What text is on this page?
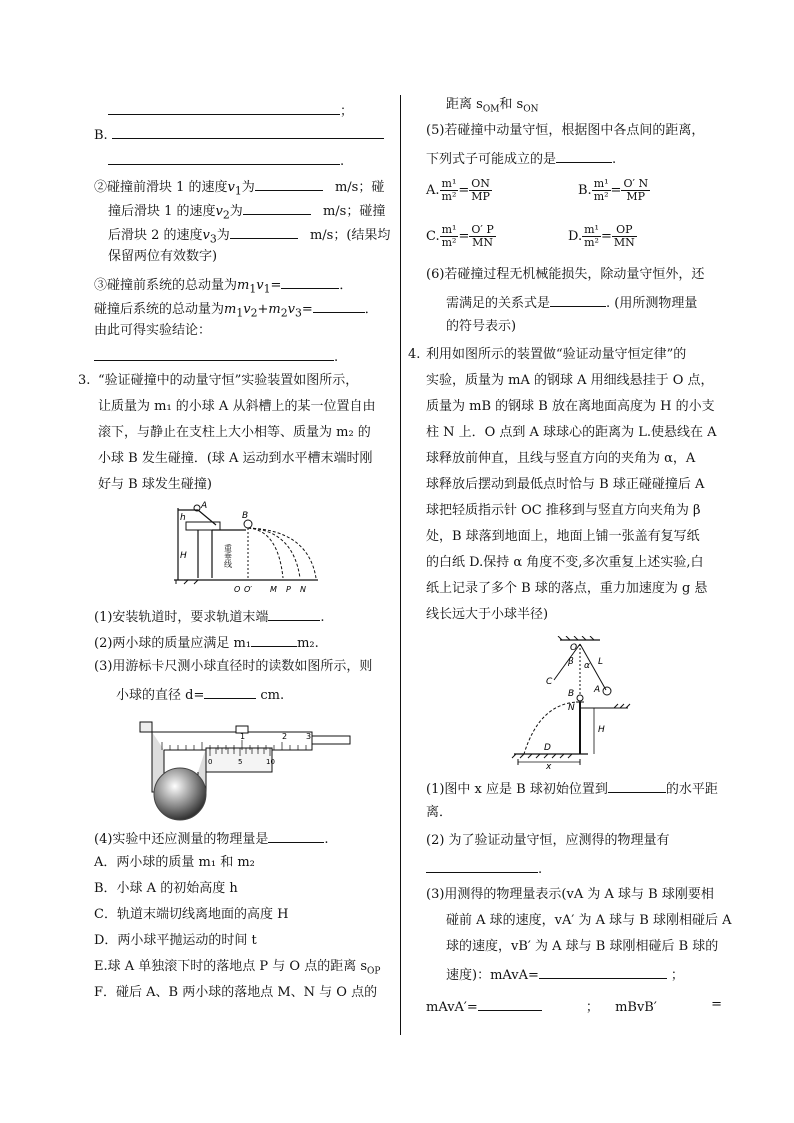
；
B.
.
②碰撞前滑块 1 的速度$v_1$为	m/s；碰
撞后滑块 1 的速度$v_2$为	m/s；碰撞
后滑块 2 的速度$v_3$为	m/s；(结果均
保留两位有效数字)
③碰撞前系统的总动量为$m_1v_1=$	．
碰撞后系统的总动量为$m_1v_2+m_2v_3=$	．
由此可得实验结论：
.
3. “验证碰撞中的动量守恒”实验装置如图所示，
让质量为 m₁ 的小球 A 从斜槽上的某一位置自由
滚下，与静止在支柱上大小相等、质量为 m₂ 的
小球 B 发生碰撞．(球 A 运动到水平槽末端时刚
好与 B 球发生碰撞)
A
h	B
H	重垂线
O O′ M P N
(1)安装轨道时，要求轨道末端	.
(2)两小球的质量应满足 m₁	m₂.
(3)用游标卡尺测小球直径时的读数如图所示，则
小球的直径 d=	cm.
1	2 3
0	5	10
(4)实验中还应测量的物理量是	.
A．两小球的质量 m₁ 和 m₂
B．小球 A 的初始高度 h
C．轨道末端切线离地面的高度 H
D．两小球平抛运动的时间 t
E.球 A 单独滚下时的落地点 P 与 O 点的距离 $s_{OP}$
F．碰后 A、B 两小球的落地点 M、N 与 O 点的
距离 $s_{OM}$和 $s_{ON}$
(5)若碰撞中动量守恒，根据图中各点间的距离，
下列式子可能成立的是	.
A. $\frac{\text{m¹}}{\text{m²}} = \frac{ON}{MP}$	B. $\frac{\text{m¹}}{\text{m²}} = \frac{O' N}{MP}$
C. $\frac{\text{m¹}}{\text{m²}} = \frac{O' P}{MN}$	D. $\frac{\text{m¹}}{\text{m²}} = \frac{OP}{MN}$
(6)若碰撞过程无机械能损失，除动量守恒外，还
需满足的关系式是	. (用所测物理量
的符号表示)
4. 利用如图所示的装置做“验证动量守恒定律”的
实验，质量为 mA 的钢球 A 用细线悬挂于 O 点，
质量为 mB 的钢球 B 放在离地面高度为 H 的小支
柱 N 上．O 点到 A 球球心的距离为 L.使悬线在 A
球释放前伸直，且线与竖直方向的夹角为 α，A
球释放后摆动到最低点时恰与 B 球正碰碰撞后 A
球把轻质指示针 OC 推移到与竖直方向夹角为 β
处，B 球落到地面上，地面上铺一张盖有复写纸
的白纸 D.保持 α 角度不变,多次重复上述实验,白
纸上记录了多个 B 球的落点，重力加速度为 g 悬
线长远大于小球半径)
O
β α L
C
A
B
N
H
D
x
(1)图中 x 应是 B 球初始位置到	的水平距
离．
(2) 为了验证动量守恒，应测得的物理量有
.
(3)用测得的物理量表示(vA 为 A 球与 B 球刚要相
碰前 A 球的速度，vA′ 为 A 球与 B 球刚相碰后 A
球的速度，vB′ 为 A 球与 B 球刚相碰后 B 球的
速度)：mAvA=	；
mAvA′=	； mBvB′	=
